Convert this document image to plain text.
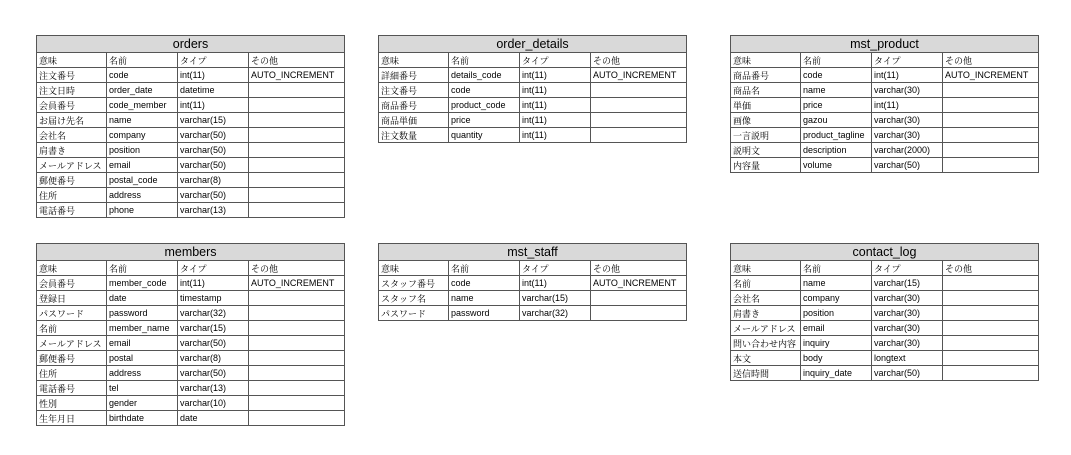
orders			
意味	名前	タイプ	その他
注文番号	code	int(11)	AUTO_INCREMENT
注文日時	order_date	datetime	
会員番号	code_member	int(11)	
お届け先名	name	varchar(15)	
会社名	company	varchar(50)	
肩書き	position	varchar(50)	
メールアドレス	email	varchar(50)	
郵便番号	postal_code	varchar(8)	
住所	address	varchar(50)	
電話番号	phone	varchar(13)	
order_details			
意味	名前	タイプ	その他
詳細番号	details_code	int(11)	AUTO_INCREMENT
注文番号	code	int(11)	
商品番号	product_code	int(11)	
商品単価	price	int(11)	
注文数量	quantity	int(11)	
mst_product			
意味	名前	タイプ	その他
商品番号	code	int(11)	AUTO_INCREMENT
商品名	name	varchar(30)	
単価	price	int(11)	
画像	gazou	varchar(30)	
一言説明	product_tagline	varchar(30)	
説明文	description	varchar(2000)	
内容量	volume	varchar(50)	
members			
意味	名前	タイプ	その他
会員番号	member_code	int(11)	AUTO_INCREMENT
登録日	date	timestamp	
パスワード	password	varchar(32)	
名前	member_name	varchar(15)	
メールアドレス	email	varchar(50)	
郵便番号	postal	varchar(8)	
住所	address	varchar(50)	
電話番号	tel	varchar(13)	
性別	gender	varchar(10)	
生年月日	birthdate	date	
mst_staff			
意味	名前	タイプ	その他
スタッフ番号	code	int(11)	AUTO_INCREMENT
スタッフ名	name	varchar(15)	
パスワード	password	varchar(32)	
contact_log			
意味	名前	タイプ	その他
名前	name	varchar(15)	
会社名	company	varchar(30)	
肩書き	position	varchar(30)	
メールアドレス	email	varchar(30)	
問い合わせ内容	inquiry	varchar(30)	
本文	body	longtext	
送信時間	inquiry_date	varchar(50)	
